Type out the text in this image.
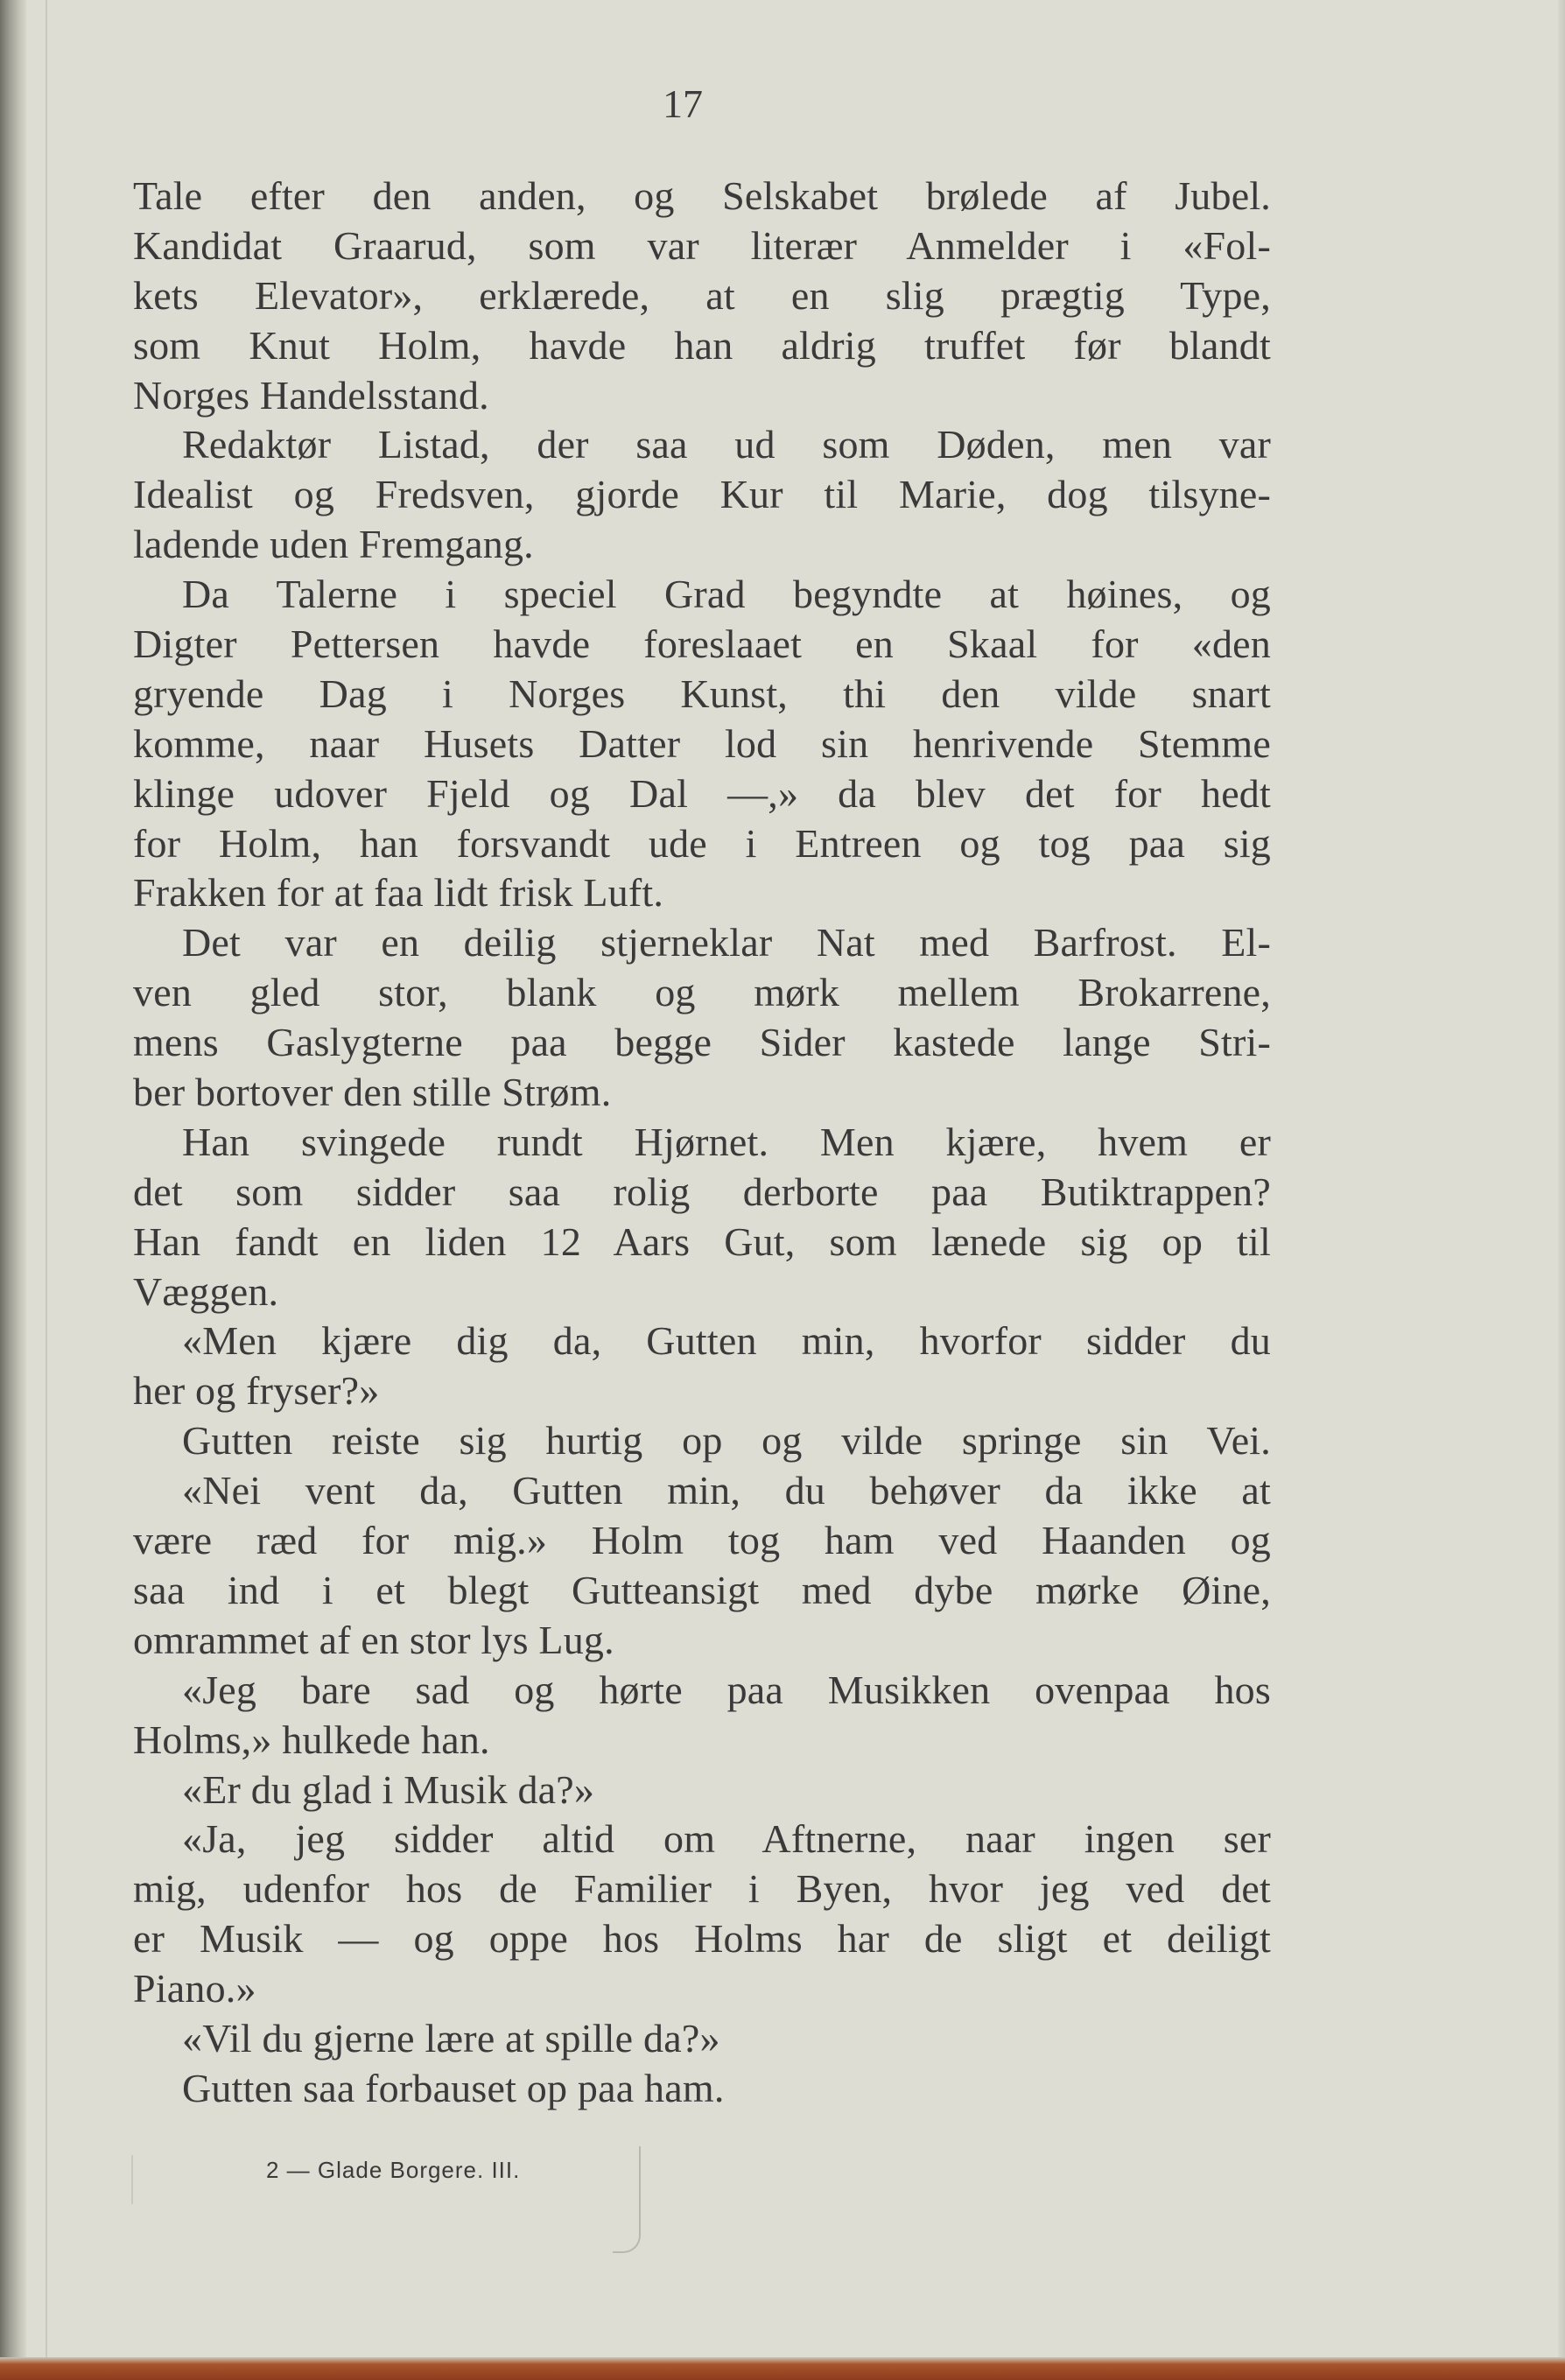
17
Tale efter den anden, og Selskabet brølede af Jubel.
Kandidat Graarud, som var literær Anmelder i «Fol-
kets Elevator», erklærede, at en slig prægtig Type,
som Knut Holm, havde han aldrig truffet før blandt
Norges Handelsstand.
Redaktør Listad, der saa ud som Døden, men var
Idealist og Fredsven, gjorde Kur til Marie, dog tilsyne-
ladende uden Fremgang.
Da Talerne i speciel Grad begyndte at høines, og
Digter Pettersen havde foreslaaet en Skaal for «den
gryende Dag i Norges Kunst, thi den vilde snart
komme, naar Husets Datter lod sin henrivende Stemme
klinge udover Fjeld og Dal —,» da blev det for hedt
for Holm, han forsvandt ude i Entreen og tog paa sig
Frakken for at faa lidt frisk Luft.
Det var en deilig stjerneklar Nat med Barfrost. El-
ven gled stor, blank og mørk mellem Brokarrene,
mens Gaslygterne paa begge Sider kastede lange Stri-
ber bortover den stille Strøm.
Han svingede rundt Hjørnet. Men kjære, hvem er
det som sidder saa rolig derborte paa Butiktrappen?
Han fandt en liden 12 Aars Gut, som lænede sig op til
Væggen.
«Men kjære dig da, Gutten min, hvorfor sidder du
her og fryser?»
Gutten reiste sig hurtig op og vilde springe sin Vei.
«Nei vent da, Gutten min, du behøver da ikke at
være ræd for mig.» Holm tog ham ved Haanden og
saa ind i et blegt Gutteansigt med dybe mørke Øine,
omrammet af en stor lys Lug.
«Jeg bare sad og hørte paa Musikken ovenpaa hos
Holms,» hulkede han.
«Er du glad i Musik da?»
«Ja, jeg sidder altid om Aftnerne, naar ingen ser
mig, udenfor hos de Familier i Byen, hvor jeg ved det
er Musik — og oppe hos Holms har de sligt et deiligt
Piano.»
«Vil du gjerne lære at spille da?»
Gutten saa forbauset op paa ham.
2 — Glade Borgere. III.
